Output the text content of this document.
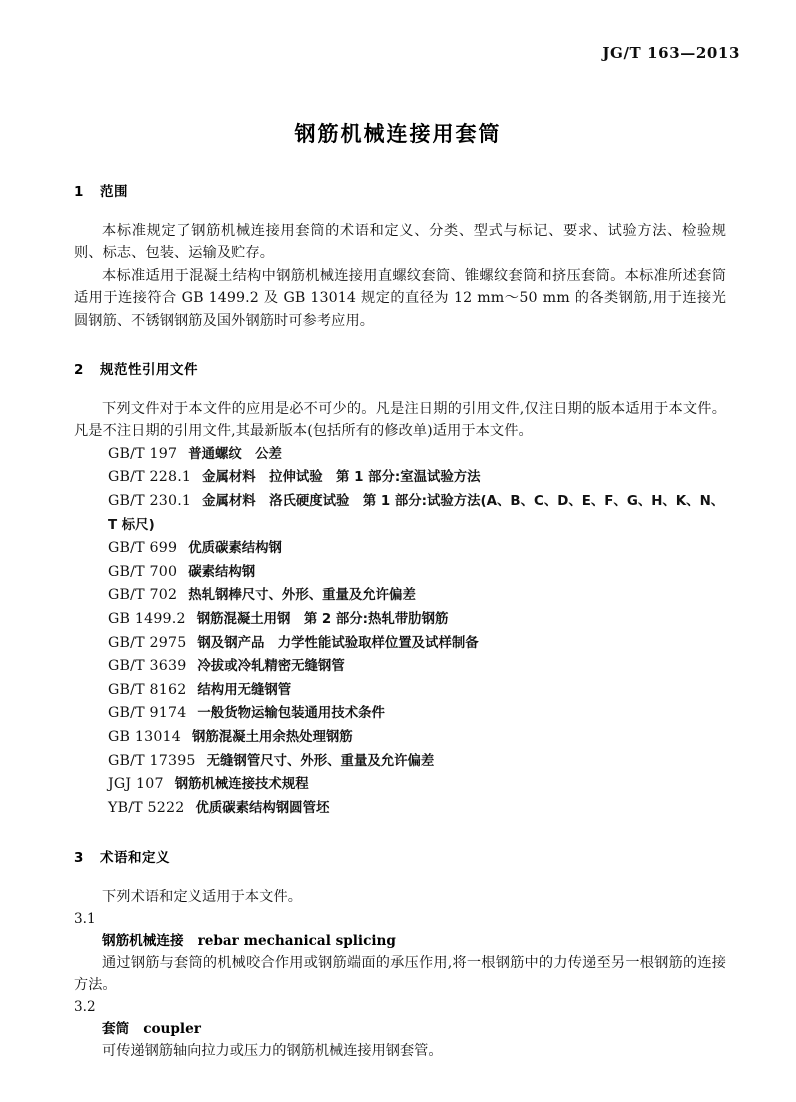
JG/T 163—2013
钢筋机械连接用套筒
1 范围

本标准规定了钢筋机械连接用套筒的术语和定义、分类、型式与标记、要求、试验方法、检验规则、标志、包装、运输及贮存。

本标准适用于混凝土结构中钢筋机械连接用直螺纹套筒、锥螺纹套筒和挤压套筒。本标准所述套筒适用于连接符合 GB 1499.2 及 GB 13014 规定的直径为 12 mm～50 mm 的各类钢筋,用于连接光圆钢筋、不锈钢钢筋及国外钢筋时可参考应用。

2 规范性引用文件

下列文件对于本文件的应用是必不可少的。凡是注日期的引用文件,仅注日期的版本适用于本文件。凡是不注日期的引用文件,其最新版本(包括所有的修改单)适用于本文件。

GB/T 197 普通螺纹　公差
GB/T 228.1 金属材料　拉伸试验　第 1 部分:室温试验方法
GB/T 230.1 金属材料　洛氏硬度试验　第 1 部分:试验方法(A、B、C、D、E、F、G、H、K、N、T 标尺)
GB/T 699 优质碳素结构钢
GB/T 700 碳素结构钢
GB/T 702 热轧钢棒尺寸、外形、重量及允许偏差
GB 1499.2 钢筋混凝土用钢　第 2 部分:热轧带肋钢筋
GB/T 2975 钢及钢产品　力学性能试验取样位置及试样制备
GB/T 3639 冷拔或冷轧精密无缝钢管
GB/T 8162 结构用无缝钢管
GB/T 9174 一般货物运输包装通用技术条件
GB 13014 钢筋混凝土用余热处理钢筋
GB/T 17395 无缝钢管尺寸、外形、重量及允许偏差
JGJ 107 钢筋机械连接技术规程
YB/T 5222 优质碳素结构钢圆管坯
3 术语和定义

下列术语和定义适用于本文件。

3.1

钢筋机械连接 rebar mechanical splicing

通过钢筋与套筒的机械咬合作用或钢筋端面的承压作用,将一根钢筋中的力传递至另一根钢筋的连接方法。

3.2

套筒 coupler

可传递钢筋轴向拉力或压力的钢筋机械连接用钢套管。
